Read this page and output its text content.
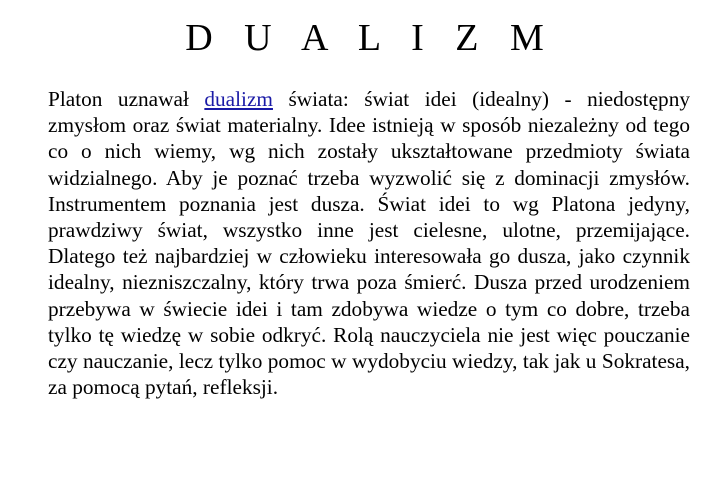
D U A L I Z M

Platon uznawał dualizm świata: świat idei (idealny) - niedostępny zmysłom oraz świat materialny. Idee istnieją w sposób niezależny od tego co o nich wiemy, wg nich zostały ukształtowane przedmioty świata widzialnego. Aby je poznać trzeba wyzwolić się z dominacji zmysłów. Instrumentem poznania jest dusza. Świat idei to wg Platona jedyny, prawdziwy świat, wszystko inne jest cielesne, ulotne, przemijające. Dlatego też najbardziej w człowieku interesowała go dusza, jako czynnik idealny, niezniszczalny, który trwa poza śmierć. Dusza przed urodzeniem przebywa w świecie idei i tam zdobywa wiedze o tym co dobre, trzeba tylko tę wiedzę w sobie odkryć. Rolą nauczyciela nie jest więc pouczanie czy nauczanie, lecz tylko pomoc w wydobyciu wiedzy, tak jak u Sokratesa, za pomocą pytań, refleksji.
